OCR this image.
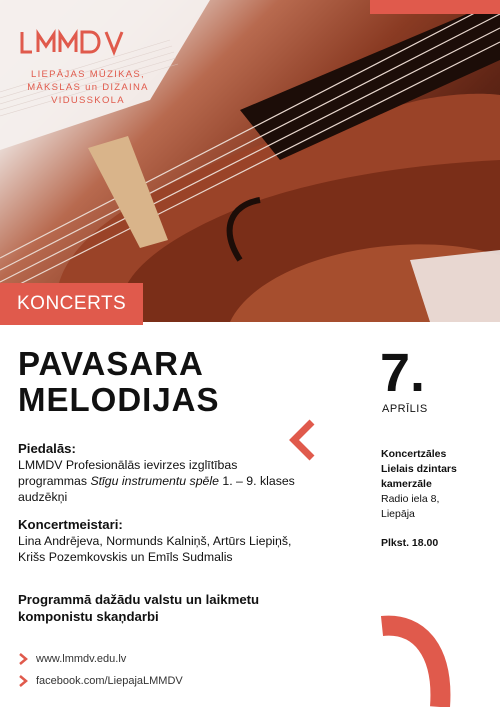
LIEPĀJAS MŪZIKAS,
MĀKSLAS un DIZAINA
VIDUSSKOLA
KONCERTS
PAVASARA
MELODIJAS	7.
APRĪLIS
Piedalās:
LMMDV Profesionālās ievirzes izglītības programmas Stīgu instrumentu spēle 1. – 9. klases audzēkņi
Koncertmeistari:
Lina Andrējeva, Normunds Kalniņš, Artūrs Liepiņš, Krišs Pozemkovskis un Emīls Sudmalis
Programmā dažādu valstu un laikmetu
komponistu skaņdarbi
Koncertzāles
Lielais dzintars
kamerzāle
Radio iela 8,
Liepāja
Plkst. 18.00
www.lmmdv.edu.lv
facebook.com/LiepajaLMMDV
